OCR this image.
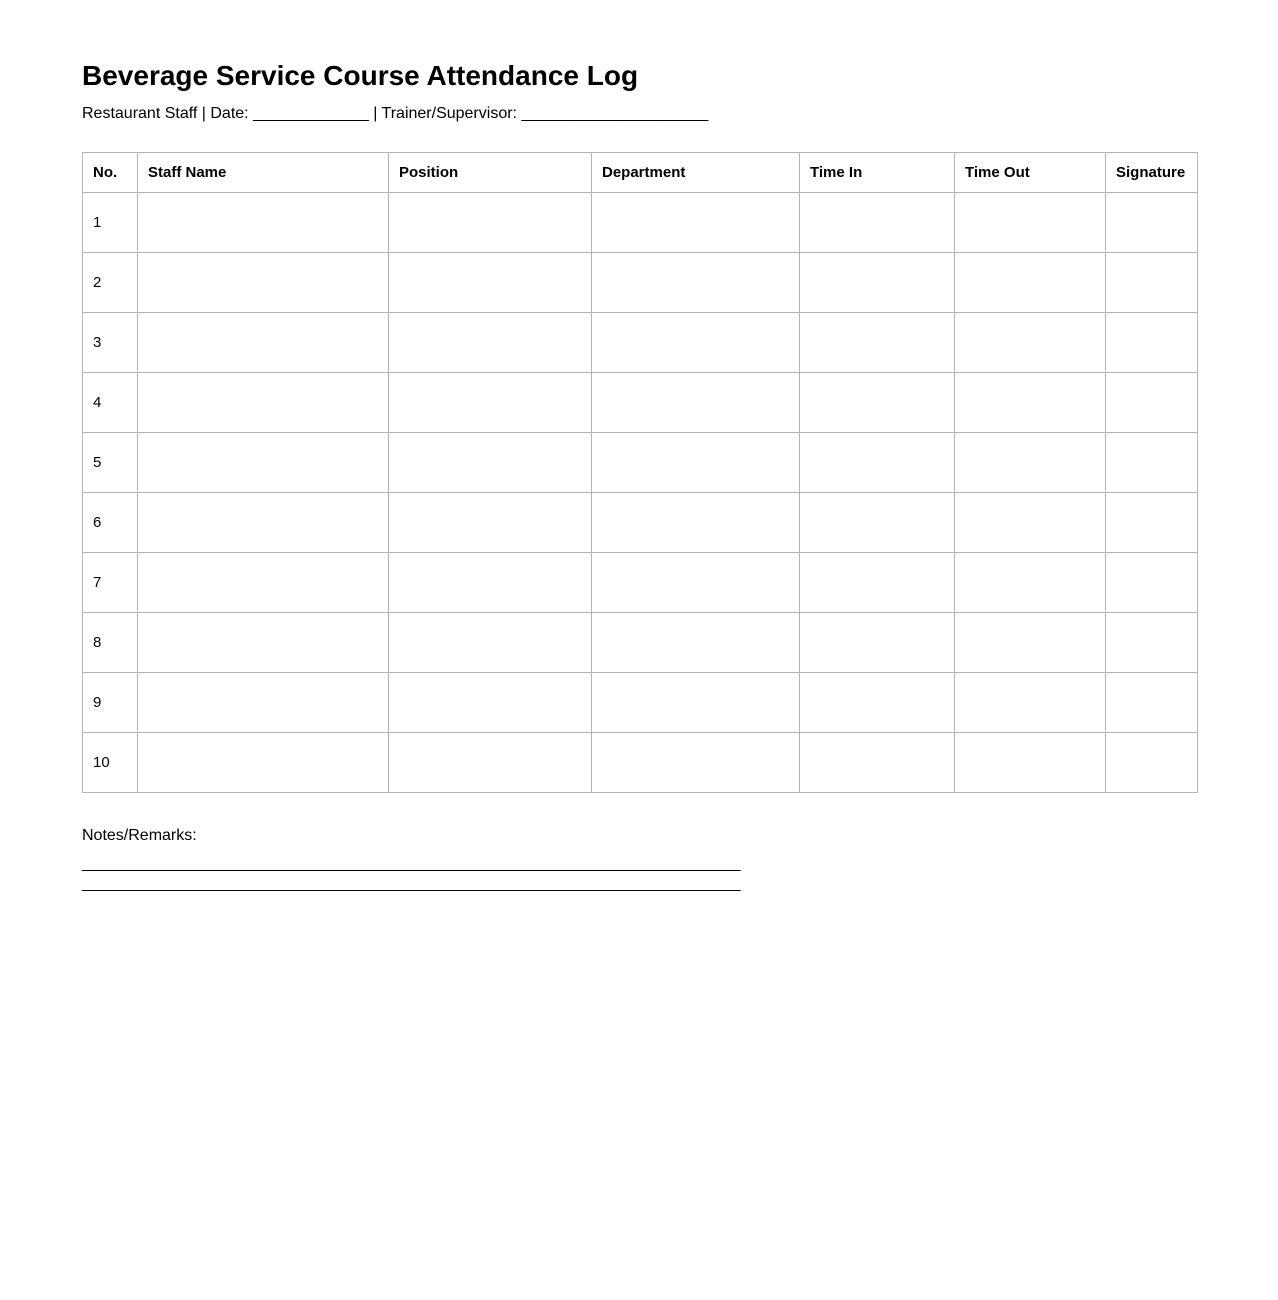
Beverage Service Course Attendance Log

Restaurant Staff | Date: _____________ | Trainer/Supervisor: _____________________

No.	Staff Name	Position	Department	Time In	Time Out	Signature
1						
2						
3						
4						
5						
6						
7						
8						
9						
10						

Notes/Remarks:

__________________________________________________________________________
__________________________________________________________________________
